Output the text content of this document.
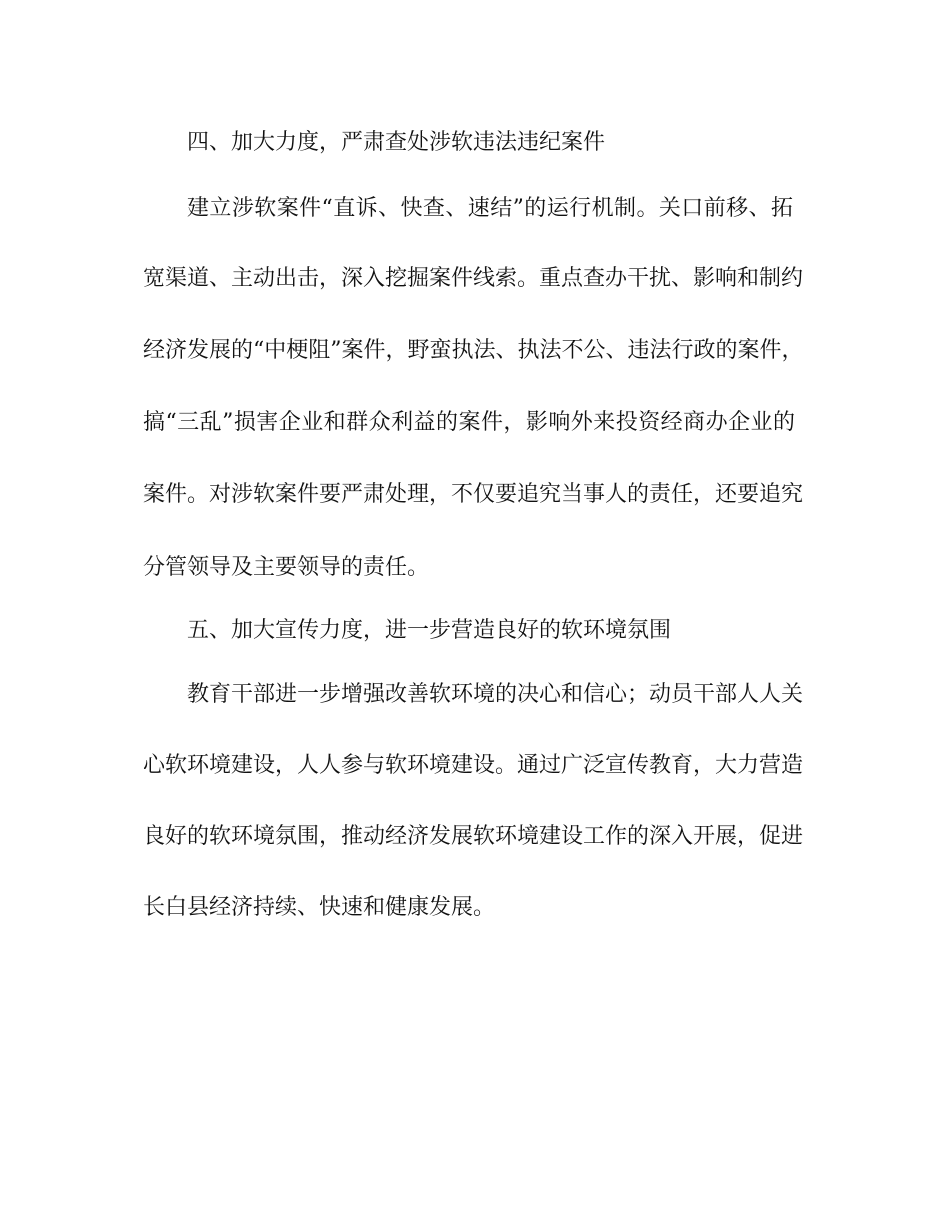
四、加大力度，严肃查处涉软违法违纪案件

建立涉软案件“直诉、快查、速结”的运行机制。关口前移、拓

宽渠道、主动出击，深入挖掘案件线索。重点查办干扰、影响和制约

经济发展的“中梗阻”案件，野蛮执法、执法不公、违法行政的案件，

搞“三乱”损害企业和群众利益的案件，影响外来投资经商办企业的

案件。对涉软案件要严肃处理，不仅要追究当事人的责任，还要追究

分管领导及主要领导的责任。

五、加大宣传力度，进一步营造良好的软环境氛围

教育干部进一步增强改善软环境的决心和信心；动员干部人人关

心软环境建设，人人参与软环境建设。通过广泛宣传教育，大力营造

良好的软环境氛围，推动经济发展软环境建设工作的深入开展，促进

长白县经济持续、快速和健康发展。
